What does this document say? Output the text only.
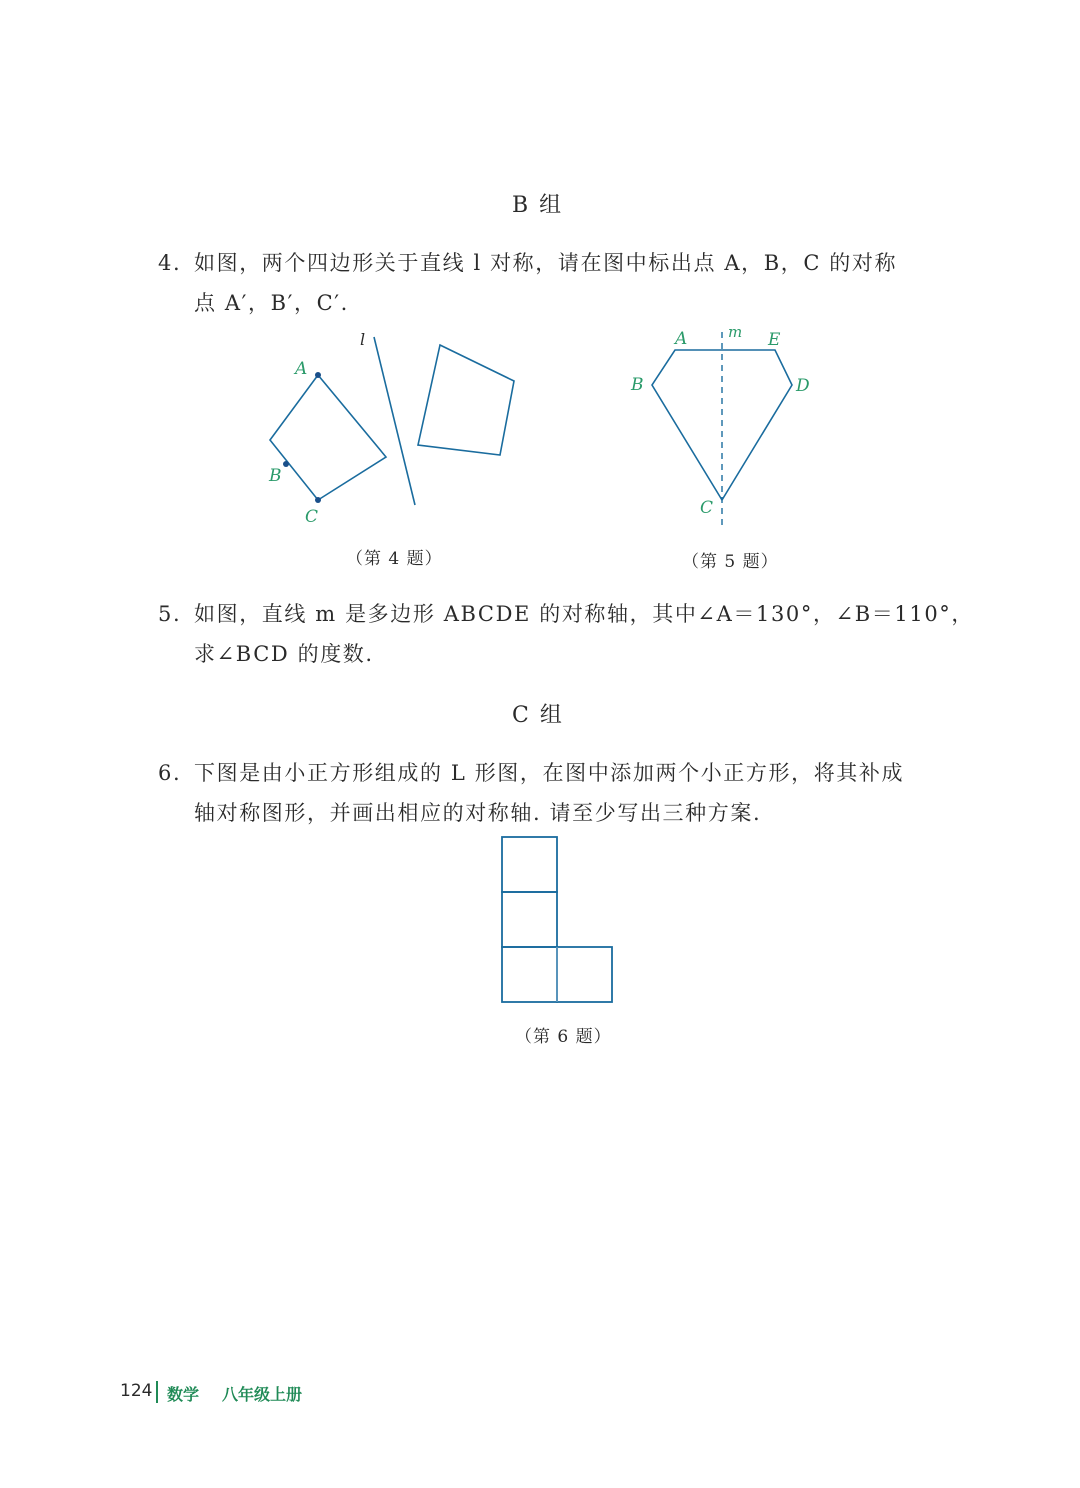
B 组
4. 如图，两个四边形关于直线 l 对称，请在图中标出点 A，B，C 的对称
点 A′，B′，C′.
l
A
B
C
（第 4 题）
m
A	E
B	D
C
（第 5 题）
5. 如图，直线 m 是多边形 ABCDE 的对称轴，其中∠A＝130°，∠B＝110°，
求∠BCD 的度数.
C 组
6. 下图是由小正方形组成的 L 形图，在图中添加两个小正方形，将其补成
轴对称图形，并画出相应的对称轴. 请至少写出三种方案.
（第 6 题）
124 数学 八年级上册
